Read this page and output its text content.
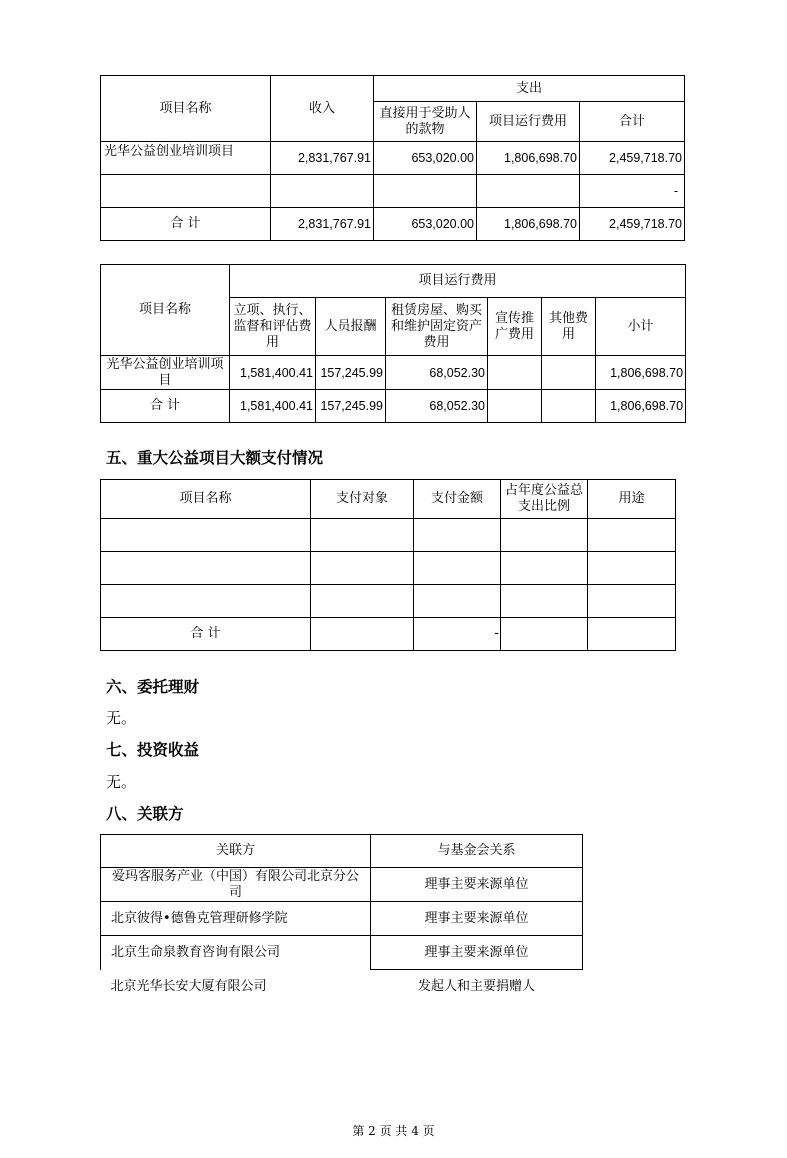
项目名称	收入	支出		
		直接用于受助人的款物	项目运行费用	合计
光华公益创业培训项目	2,831,767.91	653,020.00	1,806,698.70	2,459,718.70
				-
合 计	2,831,767.91	653,020.00	1,806,698.70	2,459,718.70
项目名称	项目运行费用					
	立项、执行、监督和评估费用	人员报酬	租赁房屋、购买和维护固定资产费用	宣传推广费用	其他费用	小计
光华公益创业培训项目	1,581,400.41	157,245.99	68,052.30			1,806,698.70
合 计	1,581,400.41	157,245.99	68,052.30			1,806,698.70
五、重大公益项目大额支付情况
项目名称	支付对象	支付金额	占年度公益总支出比例	用途

合 计		-		
六、委托理财
无。
七、投资收益
无。
八、关联方
关联方	与基金会关系
爱玛客服务产业（中国）有限公司北京分公司	理事主要来源单位
北京彼得•德鲁克管理研修学院	理事主要来源单位
北京生命泉教育咨询有限公司	理事主要来源单位
北京光华长安大厦有限公司	发起人和主要捐赠人
第 2 页 共 4 页
